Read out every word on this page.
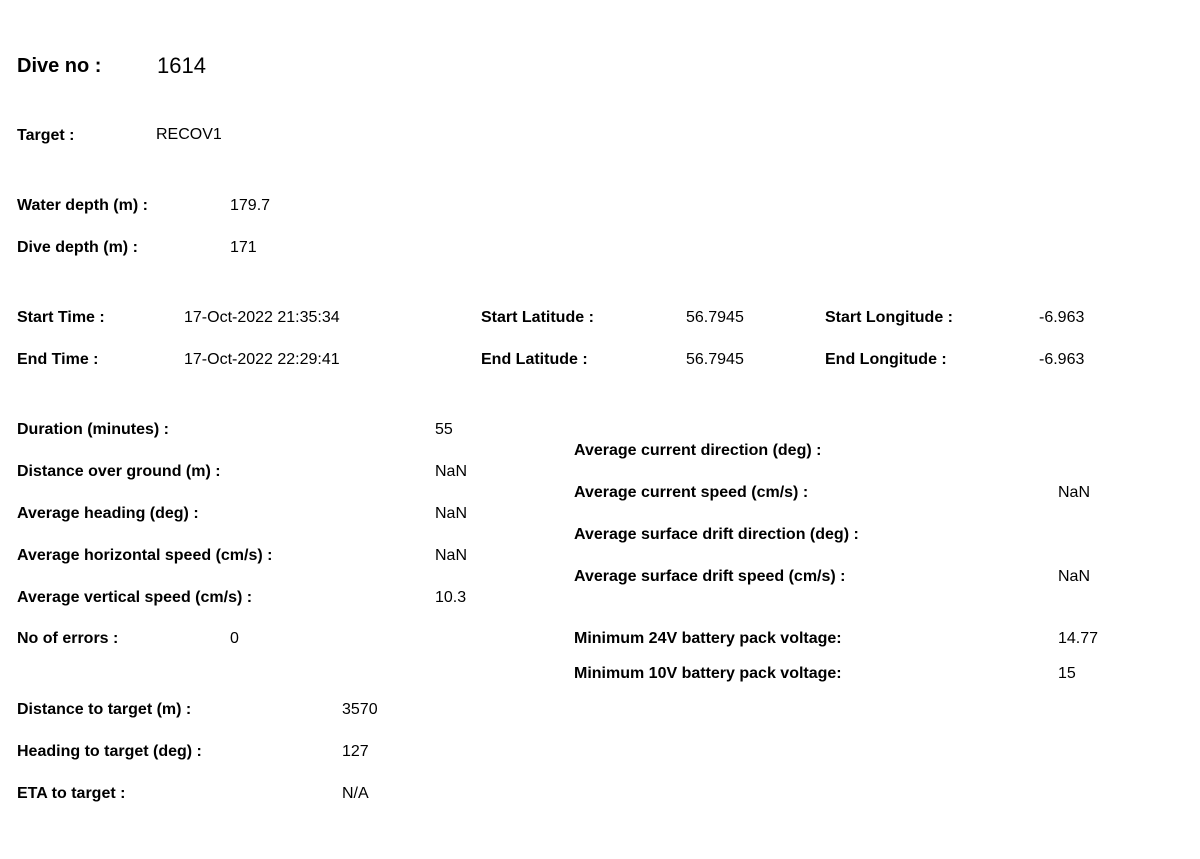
Dive no :	1614
Target :	RECOV1
Water depth (m) :	179.7
Dive depth (m) :	171
Start Time :	17-Oct-2022 21:35:34
End Time :	17-Oct-2022 22:29:41
Start Latitude :	56.7945
End Latitude :	56.7945
Start Longitude :	-6.963
End Longitude :	-6.963
Duration (minutes) :	55
Distance over ground (m) :	NaN
Average heading (deg) :	NaN
Average horizontal speed (cm/s) :	NaN
Average vertical speed (cm/s) :	10.3
No of errors :	0
Average current direction (deg) :
Average current speed (cm/s) :	NaN
Average surface drift direction (deg) :
Average surface drift speed (cm/s) :	NaN
Minimum 24V battery pack voltage:	14.77
Minimum 10V battery pack voltage:	15
Distance to target (m) :	3570
Heading to target (deg) :	127
ETA to target :	N/A
